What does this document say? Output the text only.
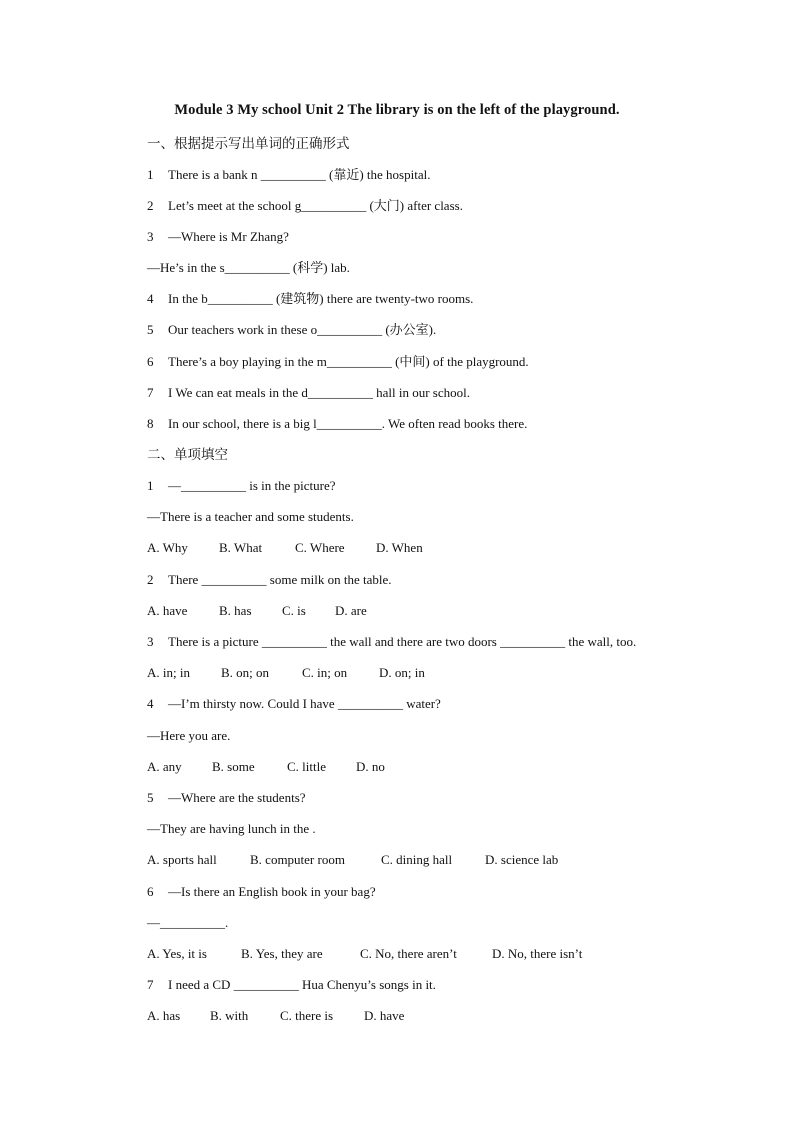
Module 3 My school Unit 2 The library is on the left of the playground.
一、根据提示写出单词的正确形式
1 There is a bank n __________ (靠近) the hospital.
2 Let’s meet at the school g__________ (大门) after class.
3 —Where is Mr Zhang?
—He’s in the s__________ (科学) lab.
4 In the b__________ (建筑物) there are twenty-two rooms.
5 Our teachers work in these o__________ (办公室).
6 There’s a boy playing in the m__________ (中间) of the playground.
7 I We can eat meals in the d__________ hall in our school.
8 In our school, there is a big l__________. We often read books there.
二、单项填空
1 —__________ is in the picture?
—There is a teacher and some students.
A. Why B. What	C. Where D. When
2 There __________ some milk on the table.
A. have B. has C. is D. are
3 There is a picture __________ the wall and there are two doors __________ the wall, too.
A. in; in B. on; on	C. in; on D. on; in
4 —I’m thirsty now. Could I have __________ water?
—Here you are.
A. any B. some C. little D. no
5 —Where are the students?
—They are having lunch in the .
A. sports hall	B. computer room	C. dining hall	D. science lab
6 —Is there an English book in your bag?
—__________.
A. Yes, it is	B. Yes, they are	C. No, there aren’t	D. No, there isn’t
7 I need a CD __________ Hua Chenyu’s songs in it.
A. has B. with C. there is D. have
